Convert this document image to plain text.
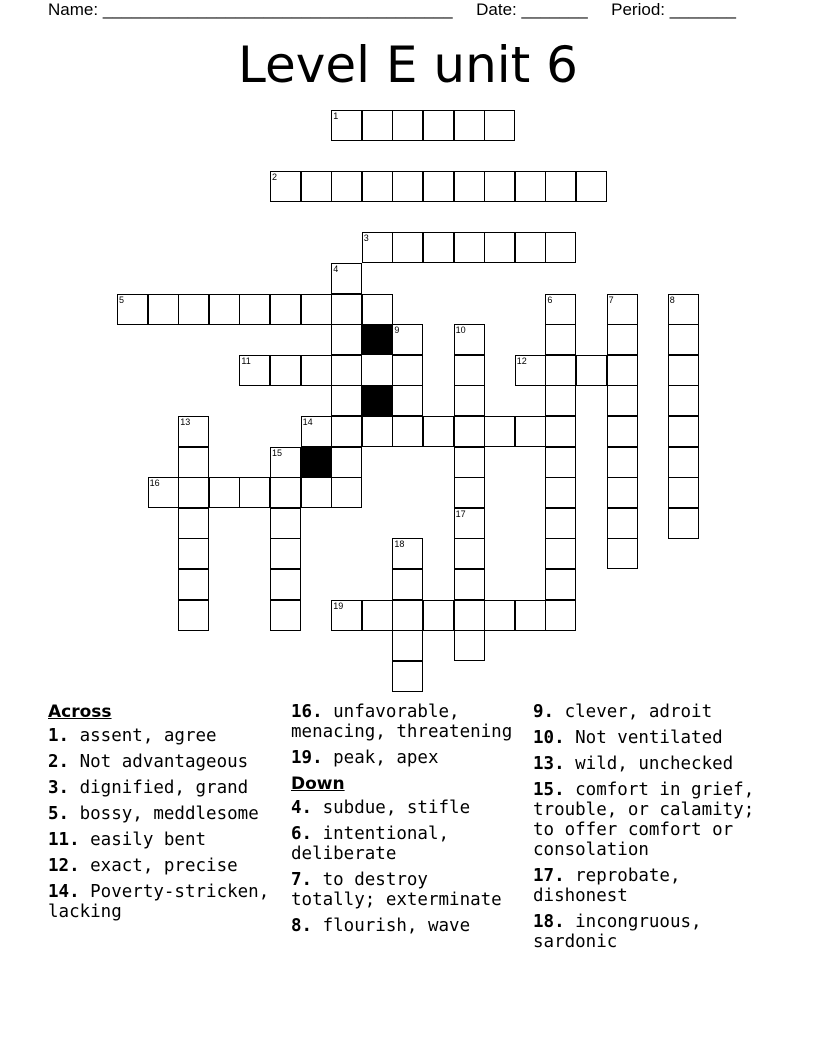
Name: _____________________________________ Date: _______ Period: _______
Level E unit 6
1
2
3
4
5	6	7	8
9	10
11	12
13	14
15
16
17
18
19
Across
1. assent, agree
2. Not advantageous
3. dignified, grand
5. bossy, meddlesome
11. easily bent
12. exact, precise
14. Poverty-stricken, lacking
16. unfavorable, menacing, threatening
19. peak, apex
Down
4. subdue, stifle
6. intentional, deliberate
7. to destroy totally; exterminate
8. flourish, wave
9. clever, adroit
10. Not ventilated
13. wild, unchecked
15. comfort in grief, trouble, or calamity; to offer comfort or consolation
17. reprobate, dishonest
18. incongruous, sardonic
